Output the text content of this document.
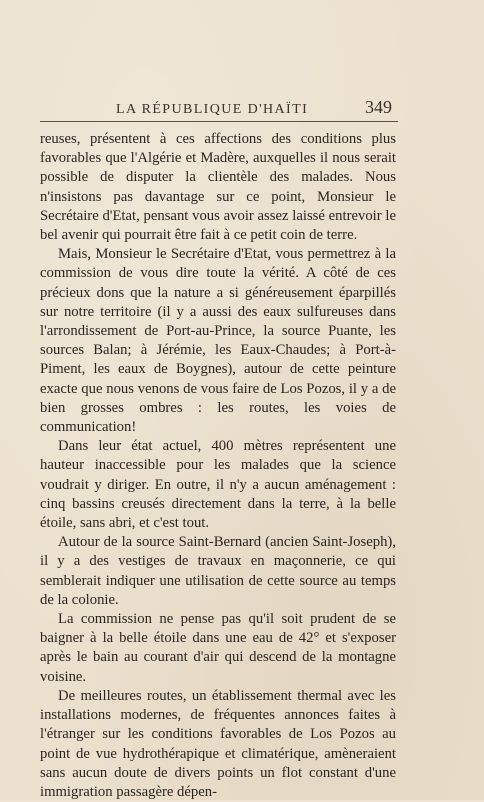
LA RÉPUBLIQUE D'HAÏTI	349

reuses, présentent à ces affections des conditions plus favorables que l'Algérie et Madère, auxquelles il nous serait possible de disputer la clientèle des malades. Nous n'insistons pas davantage sur ce point, Monsieur le Secrétaire d'Etat, pensant vous avoir assez laissé entrevoir le bel avenir qui pourrait être fait à ce petit coin de terre.

Mais, Monsieur le Secrétaire d'Etat, vous permettrez à la commission de vous dire toute la vérité. A côté de ces précieux dons que la nature a si généreusement éparpillés sur notre territoire (il y a aussi des eaux sulfureuses dans l'arrondissement de Port-au-Prince, la source Puante, les sources Balan; à Jérémie, les Eaux-Chaudes; à Port-à-Piment, les eaux de Boygnes), autour de cette peinture exacte que nous venons de vous faire de Los Pozos, il y a de bien grosses ombres : les routes, les voies de communication!

Dans leur état actuel, 400 mètres représentent une hauteur inaccessible pour les malades que la science voudrait y diriger. En outre, il n'y a aucun aménagement : cinq bassins creusés directement dans la terre, à la belle étoile, sans abri, et c'est tout.

Autour de la source Saint-Bernard (ancien Saint-Joseph), il y a des vestiges de travaux en maçonnerie, ce qui semblerait indiquer une utilisation de cette source au temps de la colonie.

La commission ne pense pas qu'il soit prudent de se baigner à la belle étoile dans une eau de 42° et s'exposer après le bain au courant d'air qui descend de la montagne voisine.

De meilleures routes, un établissement thermal avec les installations modernes, de fréquentes annonces faites à l'étranger sur les conditions favorables de Los Pozos au point de vue hydrothérapique et climatérique, amèneraient sans aucun doute de divers points un flot constant d'une immigration passagère dépen-
